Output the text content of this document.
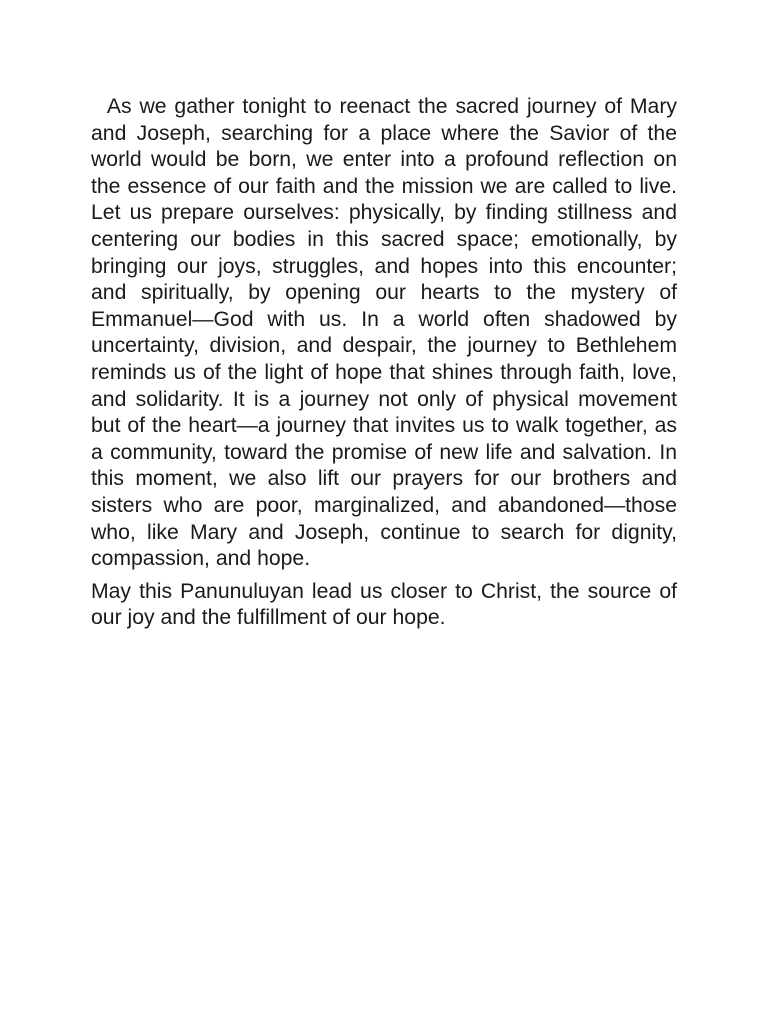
As we gather tonight to reenact the sacred journey of Mary and Joseph, searching for a place where the Savior of the world would be born, we enter into a profound reflection on the essence of our faith and the mission we are called to live. Let us prepare ourselves: physically, by finding stillness and centering our bodies in this sacred space; emotionally, by bringing our joys, struggles, and hopes into this encounter; and spiritually, by opening our hearts to the mystery of Emmanuel—God with us. In a world often shadowed by uncertainty, division, and despair, the journey to Bethlehem reminds us of the light of hope that shines through faith, love, and solidarity. It is a journey not only of physical movement but of the heart—a journey that invites us to walk together, as a community, toward the promise of new life and salvation. In this moment, we also lift our prayers for our brothers and sisters who are poor, marginalized, and abandoned—those who, like Mary and Joseph, continue to search for dignity, compassion, and hope.

May this Panunuluyan lead us closer to Christ, the source of our joy and the fulfillment of our hope.
